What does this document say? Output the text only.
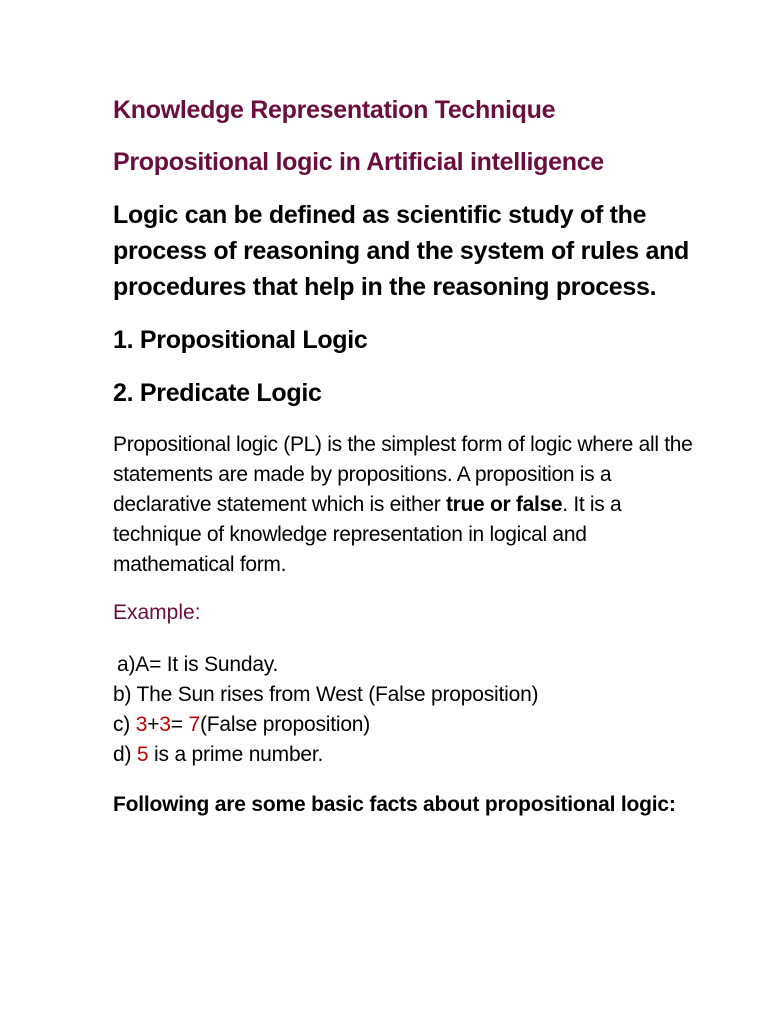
Knowledge Representation Technique
Propositional logic in Artificial intelligence

Logic can be defined as scientific study of the process of reasoning and the system of rules and procedures that help in the reasoning process.

1. Propositional Logic

2. Predicate Logic

Propositional logic (PL) is the simplest form of logic where all the statements are made by propositions. A proposition is a declarative statement which is either true or false. It is a technique of knowledge representation in logical and mathematical form.

Example:

a)A= It is Sunday.
b) The Sun rises from West (False proposition)
c) 3+3= 7(False proposition)
d) 5 is a prime number.

Following are some basic facts about propositional logic:
